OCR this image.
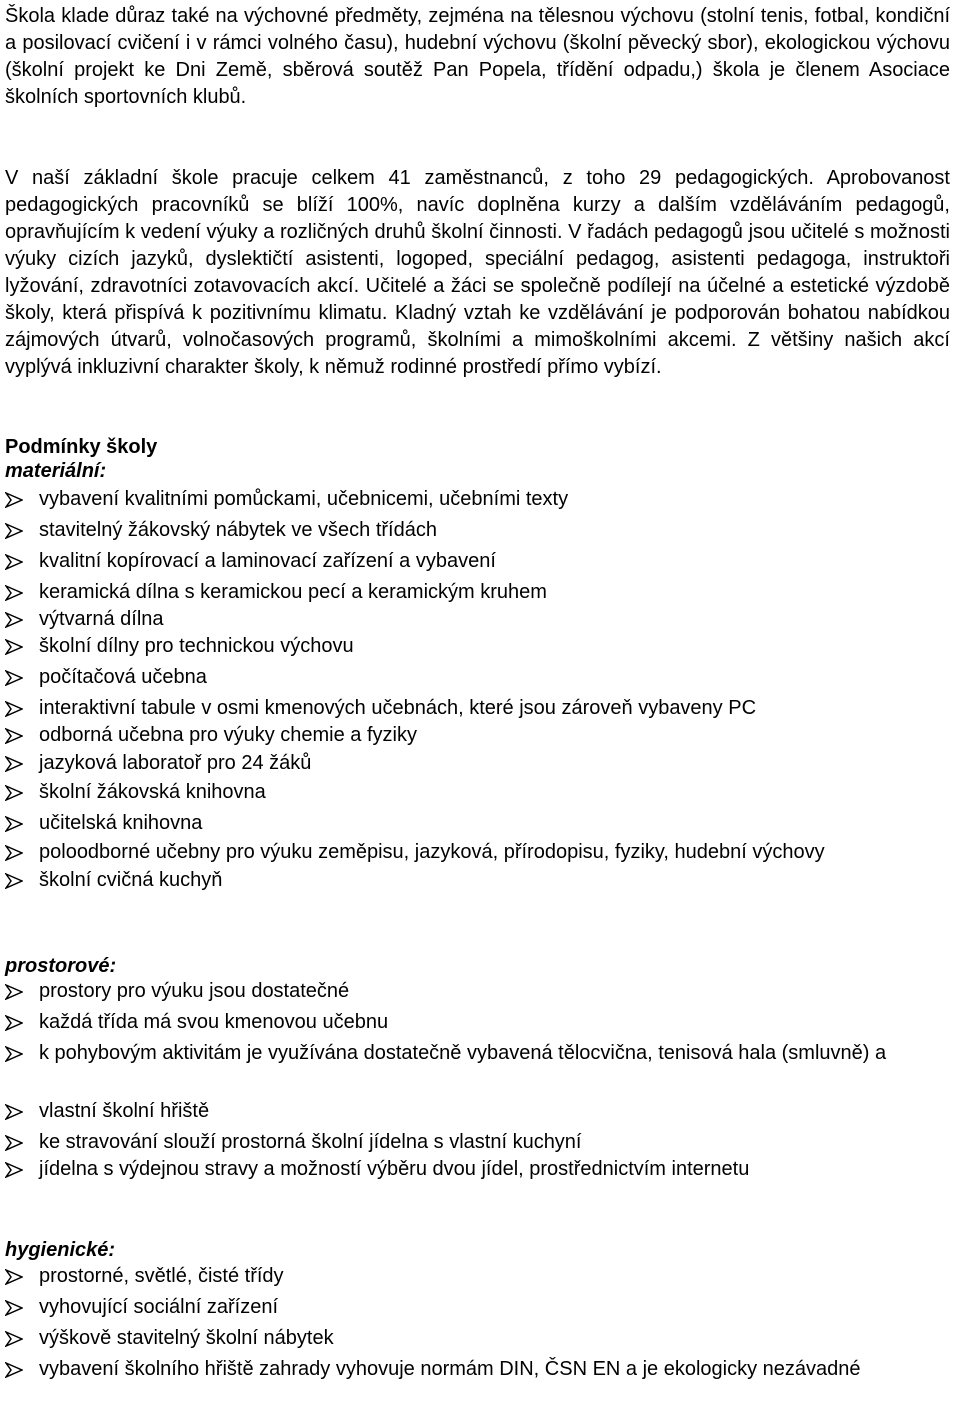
Škola klade důraz také na výchovné předměty, zejména na tělesnou výchovu (stolní tenis, fotbal, kondiční a posilovací cvičení i v rámci volného času), hudební výchovu (školní pěvecký sbor), ekologickou výchovu (školní projekt ke Dni Země, sběrová soutěž Pan Popela, třídění odpadu,) škola je členem Asociace školních sportovních klubů.

V naší základní škole pracuje celkem 41 zaměstnanců, z toho 29 pedagogických. Aprobovanost pedagogických pracovníků se blíží 100%, navíc doplněna kurzy a dalším vzděláváním pedagogů, opravňujícím k vedení výuky a rozličných druhů školní činnosti. V řadách pedagogů jsou učitelé s možnosti výuky cizích jazyků, dyslektičtí asistenti, logoped, speciální pedagog, asistenti pedagoga, instruktoři lyžování, zdravotníci zotavovacích akcí. Učitelé a žáci se společně podílejí na účelné a estetické výzdobě školy, která přispívá k pozitivnímu klimatu. Kladný vztah ke vzdělávání je podporován bohatou nabídkou zájmových útvarů, volnočasových programů, školními a mimoškolními akcemi. Z většiny našich akcí vyplývá inkluzivní charakter školy, k němuž rodinné prostředí přímo vybízí.

Podmínky školy
materiální:
vybavení kvalitními pomůckami, učebnicemi, učebními texty
stavitelný žákovský nábytek ve všech třídách
kvalitní kopírovací a laminovací zařízení a vybavení
keramická dílna s keramickou pecí a keramickým kruhem
výtvarná dílna
školní dílny pro technickou výchovu
počítačová učebna
interaktivní tabule v osmi kmenových učebnách, které jsou zároveň vybaveny PC
odborná učebna pro výuky chemie a fyziky
jazyková laboratoř pro 24 žáků
školní žákovská knihovna
učitelská knihovna
poloodborné učebny pro výuku zeměpisu, jazyková, přírodopisu, fyziky, hudební výchovy
školní cvičná kuchyň
prostorové:
prostory pro výuku jsou dostatečné
každá třída má svou kmenovou učebnu
k pohybovým aktivitám je využívána dostatečně vybavená tělocvična, tenisová hala (smluvně) a
vlastní školní hřiště
ke stravování slouží prostorná školní jídelna s vlastní kuchyní
jídelna s výdejnou stravy a možností výběru dvou jídel, prostřednictvím internetu
hygienické:
prostorné, světlé, čisté třídy
vyhovující sociální zařízení
výškově stavitelný školní nábytek
vybavení školního hřiště zahrady vyhovuje normám DIN, ČSN EN a je ekologicky nezávadné
